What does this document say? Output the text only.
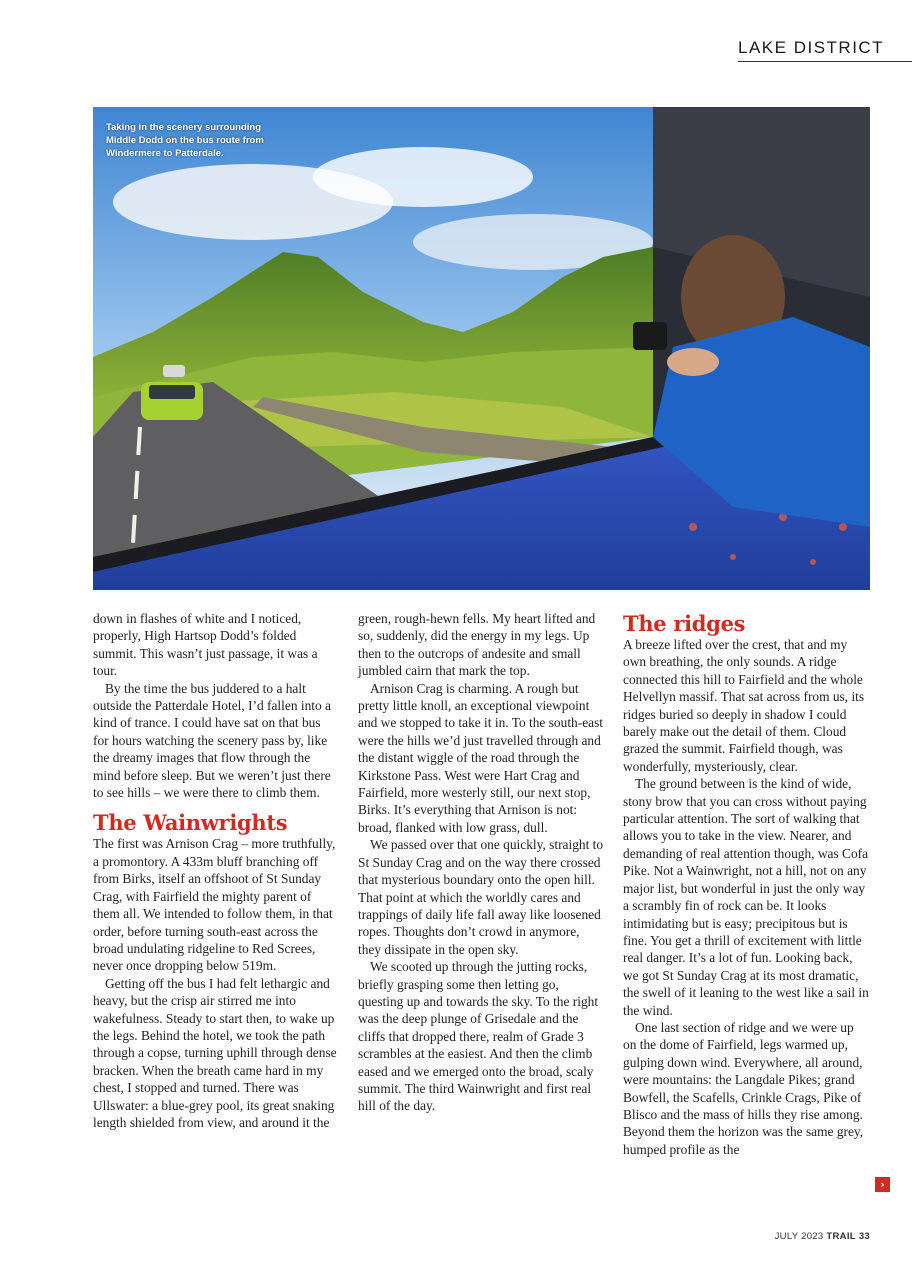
LAKE DISTRICT
Taking in the scenery surrounding Middle Dodd on the bus route from Windermere to Patterdale.

down in flashes of white and I noticed, properly, High Hartsop Dodd’s folded summit. This wasn’t just passage, it was a tour.

By the time the bus juddered to a halt outside the Patterdale Hotel, I’d fallen into a kind of trance. I could have sat on that bus for hours watching the scenery pass by, like the dreamy images that flow through the mind before sleep. But we weren’t just there to see hills – we were there to climb them.

The Wainwrights

The first was Arnison Crag – more truthfully, a promontory. A 433m bluff branching off from Birks, itself an offshoot of St Sunday Crag, with Fairfield the mighty parent of them all. We intended to follow them, in that order, before turning south-east across the broad undulating ridgeline to Red Screes, never once dropping below 519m.

Getting off the bus I had felt lethargic and heavy, but the crisp air stirred me into wakefulness. Steady to start then, to wake up the legs. Behind the hotel, we took the path through a copse, turning uphill through dense bracken. When the breath came hard in my chest, I stopped and turned. There was Ullswater: a blue-grey pool, its great snaking length shielded from view, and around it the

green, rough-hewn fells. My heart lifted and so, suddenly, did the energy in my legs. Up then to the outcrops of andesite and small jumbled cairn that mark the top.

Arnison Crag is charming. A rough but pretty little knoll, an exceptional viewpoint and we stopped to take it in. To the south-east were the hills we’d just travelled through and the distant wiggle of the road through the Kirkstone Pass. West were Hart Crag and Fairfield, more westerly still, our next stop, Birks. It’s everything that Arnison is not: broad, flanked with low grass, dull.

We passed over that one quickly, straight to St Sunday Crag and on the way there crossed that mysterious boundary onto the open hill. That point at which the worldly cares and trappings of daily life fall away like loosened ropes. Thoughts don’t crowd in anymore, they dissipate in the open sky.

We scooted up through the jutting rocks, briefly grasping some then letting go, questing up and towards the sky. To the right was the deep plunge of Grisedale and the cliffs that dropped there, realm of Grade 3 scrambles at the easiest. And then the climb eased and we emerged onto the broad, scaly summit. The third Wainwright and first real hill of the day.

The ridges

A breeze lifted over the crest, that and my own breathing, the only sounds. A ridge connected this hill to Fairfield and the whole Helvellyn massif. That sat across from us, its ridges buried so deeply in shadow I could barely make out the detail of them. Cloud grazed the summit. Fairfield though, was wonderfully, mysteriously, clear.

The ground between is the kind of wide, stony brow that you can cross without paying particular attention. The sort of walking that allows you to take in the view. Nearer, and demanding of real attention though, was Cofa Pike. Not a Wainwright, not a hill, not on any major list, but wonderful in just the only way a scrambly fin of rock can be. It looks intimidating but is easy; precipitous but is fine. You get a thrill of excitement with little real danger. It’s a lot of fun. Looking back, we got St Sunday Crag at its most dramatic, the swell of it leaning to the west like a sail in the wind.

One last section of ridge and we were up on the dome of Fairfield, legs warmed up, gulping down wind. Everywhere, all around, were mountains: the Langdale Pikes; grand Bowfell, the Scafells, Crinkle Crags, Pike of Blisco and the mass of hills they rise among. Beyond them the horizon was the same grey, humped profile as the

›
JULY 2023 TRAIL 33
